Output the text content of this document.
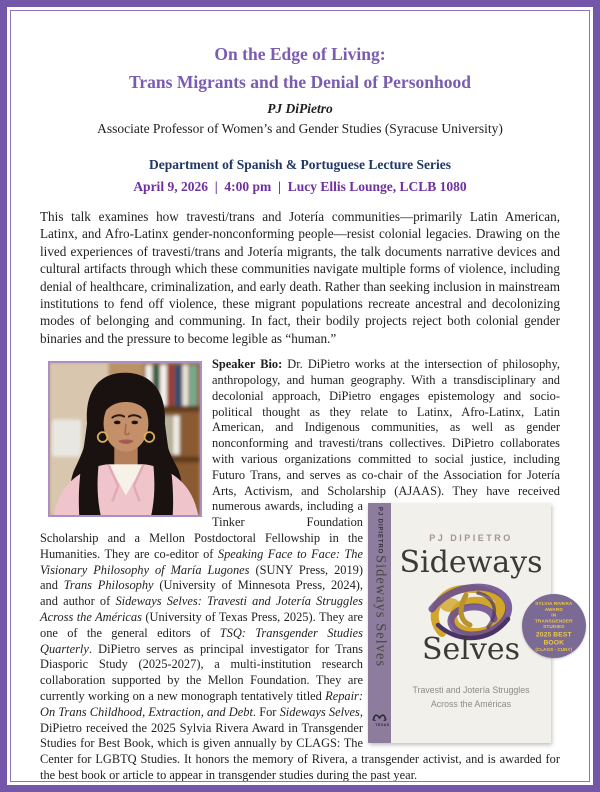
On the Edge of Living:
Trans Migrants and the Denial of Personhood
PJ DiPietro
Associate Professor of Women’s and Gender Studies (Syracuse University)
Department of Spanish & Portuguese Lecture Series
April 9, 2026  |  4:00 pm  |  Lucy Ellis Lounge, LCLB 1080

This talk examines how travesti/trans and Jotería communities—primarily Latin American, Latinx, and Afro-Latinx gender-nonconforming people—resist colonial legacies. Drawing on the lived experiences of travesti/trans and Jotería migrants, the talk documents narrative devices and cultural artifacts through which these communities navigate multiple forms of violence, including denial of healthcare, criminalization, and early death. Rather than seeking inclusion in mainstream institutions to fend off violence, these migrant populations recreate ancestral and decolonizing modes of belonging and communing. In fact, their bodily projects reject both colonial gender binaries and the pressure to become legible as “human.”

Speaker Bio: Dr. DiPietro works at the intersection of philosophy, anthropology, and human geography. With a transdisciplinary and decolonial approach, DiPietro engages epistemology and socio-political thought as they relate to Latinx, Afro-Latinx, Latin American, and Indigenous communities, as well as gender nonconforming and travesti/trans collectives. DiPietro collaborates with various organizations committed to social justice, including Futuro Trans, and serves as co-chair of the Association for Jotería Arts, Activism, and Scholarship (AJAAS). They have received numerous awards,
PJ DIPIETRO
Sideways Selves
TEXAS
PJ DIPIETRO
Sideways
Selves
Travesti and Jotería Struggles
Across the Américas
SYLVIA RIVERA AWARD
IN TRANSGENDER STUDIES
2025 BEST BOOK
(CLAGS - CUNY)
including a Tinker Foundation Scholarship and a Mellon Postdoctoral Fellowship in the Humanities. They are co-editor of Speaking Face to Face: The Visionary Philosophy of María Lugones (SUNY Press, 2019) and Trans Philosophy (University of Minnesota Press, 2024), and author of Sideways Selves: Travesti and Jotería Struggles Across the Américas (University of Texas Press, 2025). They are one of the general editors of TSQ: Transgender Studies Quarterly. DiPietro serves as principal investigator for Trans Diasporic Study (2025-2027), a multi-institution research collaboration supported by the Mellon Foundation. They are currently working on a new monograph tentatively titled Repair: On Trans Childhood, Extraction, and Debt. For Sideways Selves, DiPietro received the 2025 Sylvia Rivera Award in Transgender Studies for Best Book, which is given annually by CLAGS: The Center for LGBTQ Studies. It honors the memory of Rivera, a transgender activist, and is awarded for the best book or article to appear in transgender studies during the past year.
